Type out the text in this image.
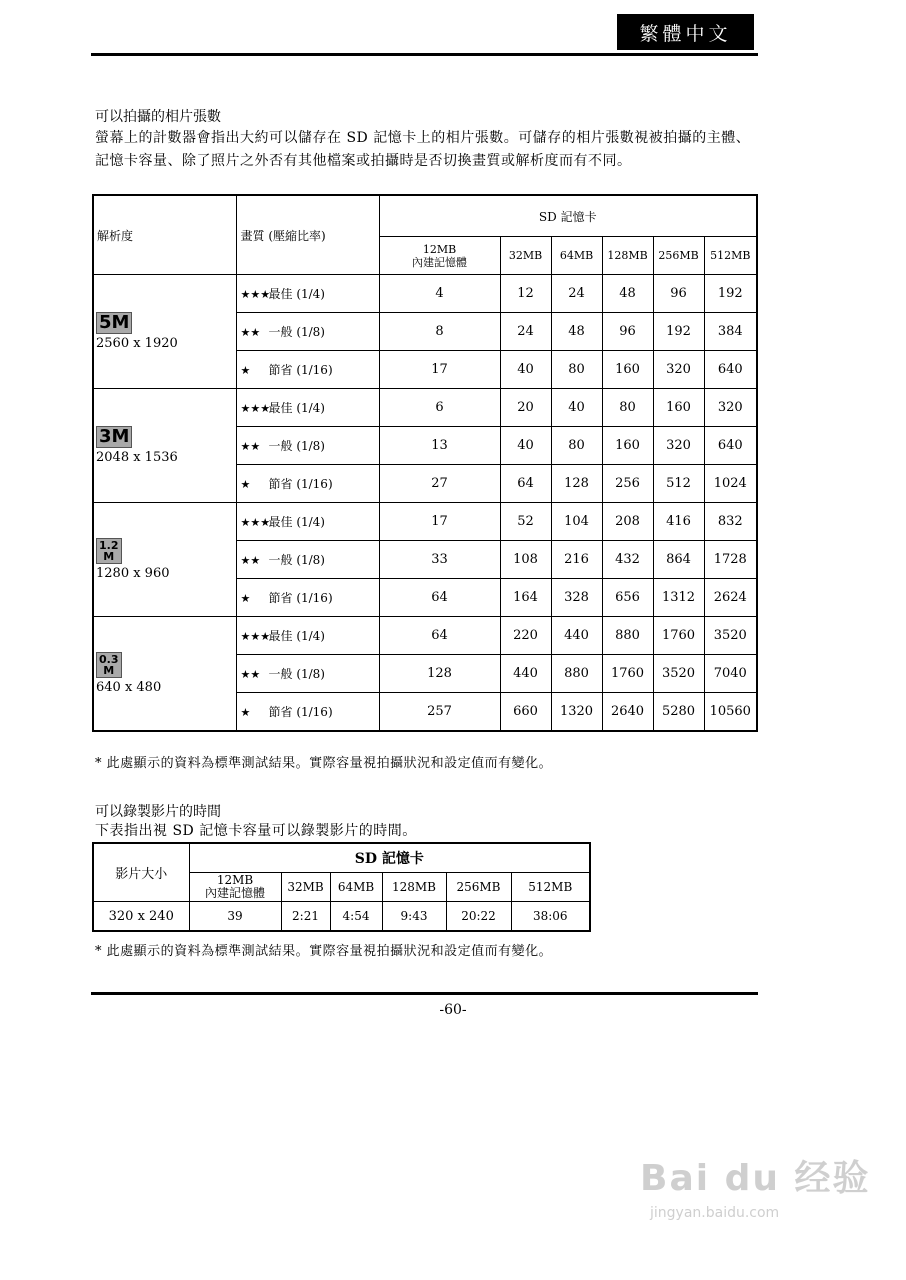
繁體中文
可以拍攝的相片張數
螢幕上的計數器會指出大約可以儲存在 SD 記憶卡上的相片張數。可儲存的相片張數視被拍攝的主體、記憶卡容量、除了照片之外否有其他檔案或拍攝時是否切換畫質或解析度而有不同。
解析度	畫質 (壓縮比率)	SD 記憶卡					
		12MB
內建記憶體	32MB	64MB	128MB	256MB	512MB
5M
2560 x 1920	★★★最佳 (1/4)	4	12	24	48	96	192
	★★ 一般 (1/8)	8	24	48	96	192	384
	★ 節省 (1/16)	17	40	80	160	320	640
3M
2048 x 1536	★★★最佳 (1/4)	6	20	40	80	160	320
	★★ 一般 (1/8)	13	40	80	160	320	640
	★ 節省 (1/16)	27	64	128	256	512	1024
1.2
M
1280 x 960	★★★最佳 (1/4)	17	52	104	208	416	832
	★★ 一般 (1/8)	33	108	216	432	864	1728
	★ 節省 (1/16)	64	164	328	656	1312	2624
0.3
M
640 x 480	★★★最佳 (1/4)	64	220	440	880	1760	3520
	★★ 一般 (1/8)	128	440	880	1760	3520	7040
	★ 節省 (1/16)	257	660	1320	2640	5280	10560
* 此處顯示的資料為標準測試結果。實際容量視拍攝狀況和設定值而有變化。
可以錄製影片的時間
下表指出視 SD 記憶卡容量可以錄製影片的時間。
影片大小	SD 記憶卡					
	12MB
內建記憶體	32MB	64MB	128MB	256MB	512MB
320 x 240	39	2:21	4:54	9:43	20:22	38:06
* 此處顯示的資料為標準測試結果。實際容量視拍攝狀況和設定值而有變化。
-60-
Bai du 经验
jingyan.baidu.com
